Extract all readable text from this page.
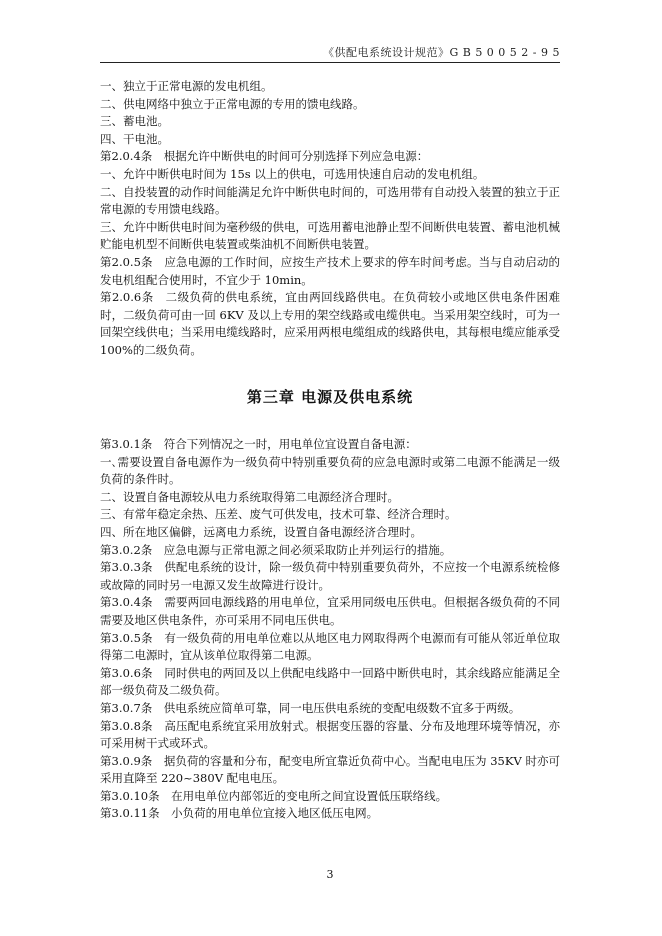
《供配电系统设计规范》G B 5 0 0 5 2 - 9 5

一、独立于正常电源的发电机组。

二、供电网络中独立于正常电源的专用的馈电线路。

三、蓄电池。

四、干电池。

第2.0.4条　根据允许中断供电的时间可分别选择下列应急电源：

一、允许中断供电时间为 15s 以上的供电，可选用快速自启动的发电机组。

二、自投装置的动作时间能满足允许中断供电时间的，可选用带有自动投入装置的独立于正常电源的专用馈电线路。

三、允许中断供电时间为毫秒级的供电，可选用蓄电池静止型不间断供电装置、蓄电池机械贮能电机型不间断供电装置或柴油机不间断供电装置。

第2.0.5条　应急电源的工作时间，应按生产技术上要求的停车时间考虑。当与自动启动的发电机组配合使用时，不宜少于 10min。

第2.0.6条　二级负荷的供电系统，宜由两回线路供电。在负荷较小或地区供电条件困难时，二级负荷可由一回 6KV 及以上专用的架空线路或电缆供电。当采用架空线时，可为一回架空线供电；当采用电缆线路时，应采用两根电缆组成的线路供电，其每根电缆应能承受 100%的二级负荷。

第三章 电源及供电系统

第3.0.1条　符合下列情况之一时，用电单位宜设置自备电源：

一､需要设置自备电源作为一级负荷中特别重要负荷的应急电源时或第二电源不能满足一级负荷的条件时。

二、设置自备电源较从电力系统取得第二电源经济合理时。

三、有常年稳定余热、压差、废气可供发电，技术可靠、经济合理时。

四、所在地区偏僻，远离电力系统，设置自备电源经济合理时。

第3.0.2条　应急电源与正常电源之间必须采取防止并列运行的措施。

第3.0.3条　供配电系统的设计，除一级负荷中特别重要负荷外，不应按一个电源系统检修或故障的同时另一电源又发生故障进行设计。

第3.0.4条　需要两回电源线路的用电单位，宜采用同级电压供电。但根据各级负荷的不同需要及地区供电条件，亦可采用不同电压供电。

第3.0.5条　有一级负荷的用电单位难以从地区电力网取得两个电源而有可能从邻近单位取得第二电源时，宜从该单位取得第二电源。

第3.0.6条　同时供电的两回及以上供配电线路中一回路中断供电时，其余线路应能满足全部一级负荷及二级负荷。

第3.0.7条　供电系统应简单可靠，同一电压供电系统的变配电级数不宜多于两级。

第3.0.8条　高压配电系统宜采用放射式。根据变压器的容量、分布及地理环境等情况，亦可采用树干式或环式。

第3.0.9条　据负荷的容量和分布，配变电所宜靠近负荷中心。当配电电压为 35KV 时亦可采用直降至 220~380V 配电电压。

第3.0.10条　在用电单位内部邻近的变电所之间宜设置低压联络线。

第3.0.11条　小负荷的用电单位宜接入地区低压电网。

3
